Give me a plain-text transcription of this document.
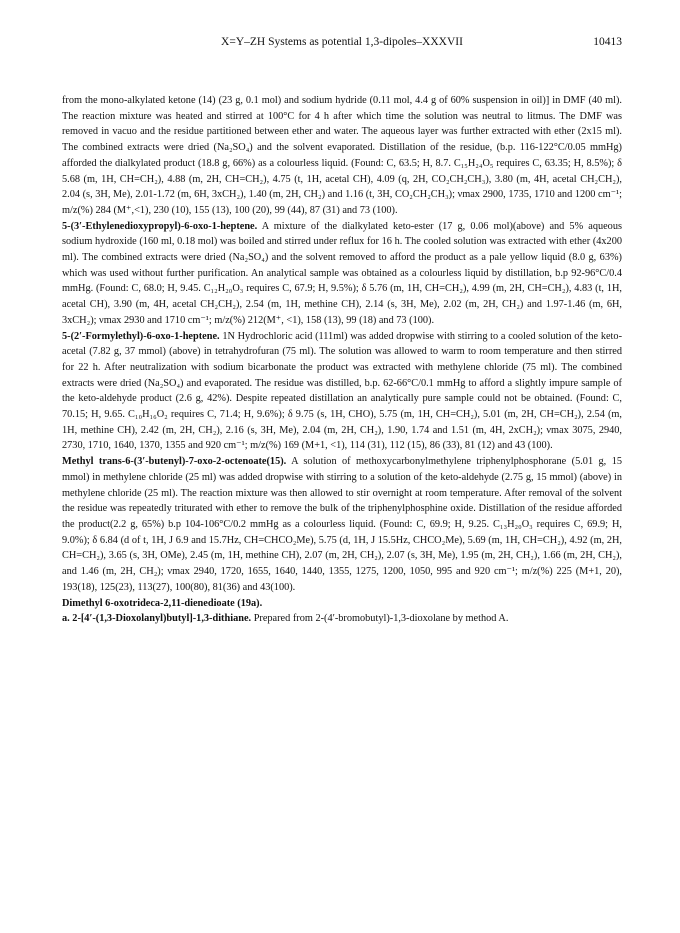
X=Y–ZH Systems as potential 1,3-dipoles–XXXVII	10413

from the mono-alkylated ketone (14) (23 g, 0.1 mol) and sodium hydride (0.11 mol, 4.4 g of 60% suspension in oil)] in DMF (40 ml). The reaction mixture was heated and stirred at 100°C for 4 h after which time the solution was neutral to litmus. The DMF was removed in vacuo and the residue partitioned between ether and water. The aqueous layer was further extracted with ether (2x15 ml). The combined extracts were dried (Na₂SO₄) and the solvent evaporated. Distillation of the residue, (b.p. 116-122°C/0.05 mmHg) afforded the dialkylated product (18.8 g, 66%) as a colourless liquid. (Found: C, 63.5; H, 8.7. C₁₅H₂₄O₅ requires C, 63.35; H, 8.5%); δ 5.68 (m, 1H, CH=CH₂), 4.88 (m, 2H, CH=CH₂), 4.75 (t, 1H, acetal CH), 4.09 (q, 2H, CO₂CH₂CH₃), 3.80 (m, 4H, acetal CH₂CH₂), 2.04 (s, 3H, Me), 2.01-1.72 (m, 6H, 3xCH₂), 1.40 (m, 2H, CH₂) and 1.16 (t, 3H, CO₂CH₂CH₃); νmax 2900, 1735, 1710 and 1200 cm⁻¹; m/z(%) 284 (M⁺,<1), 230 (10), 155 (13), 100 (20), 99 (44), 87 (31) and 73 (100).

5-(3′-Ethylenedioxypropyl)-6-oxo-1-heptene. A mixture of the dialkylated keto-ester (17 g, 0.06 mol)(above) and 5% aqueous sodium hydroxide (160 ml, 0.18 mol) was boiled and stirred under reflux for 16 h. The cooled solution was extracted with ether (4x200 ml). The combined extracts were dried (Na₂SO₄) and the solvent removed to afford the product as a pale yellow liquid (8.0 g, 63%) which was used without further purification. An analytical sample was obtained as a colourless liquid by distillation, b.p 92-96°C/0.4 mmHg. (Found: C, 68.0; H, 9.45. C₁₂H₂₀O₃ requires C, 67.9; H, 9.5%); δ 5.76 (m, 1H, CH=CH₂), 4.99 (m, 2H, CH=CH₂), 4.83 (t, 1H, acetal CH), 3.90 (m, 4H, acetal CH₂CH₂), 2.54 (m, 1H, methine CH), 2.14 (s, 3H, Me), 2.02 (m, 2H, CH₂) and 1.97-1.46 (m, 6H, 3xCH₂); νmax 2930 and 1710 cm⁻¹; m/z(%) 212(M⁺, <1), 158 (13), 99 (18) and 73 (100).

5-(2′-Formylethyl)-6-oxo-1-heptene. 1N Hydrochloric acid (111ml) was added dropwise with stirring to a cooled solution of the keto-acetal (7.82 g, 37 mmol) (above) in tetrahydrofuran (75 ml). The solution was allowed to warm to room temperature and then stirred for 22 h. After neutralization with sodium bicarbonate the product was extracted with methylene chloride (75 ml). The combined extracts were dried (Na₂SO₄) and evaporated. The residue was distilled, b.p. 62-66°C/0.1 mmHg to afford a slightly impure sample of the keto-aldehyde product (2.6 g, 42%). Despite repeated distillation an analytically pure sample could not be obtained. (Found: C, 70.15; H, 9.65. C₁₀H₁₆O₂ requires C, 71.4; H, 9.6%); δ 9.75 (s, 1H, CHO), 5.75 (m, 1H, CH=CH₂), 5.01 (m, 2H, CH=CH₂), 2.54 (m, 1H, methine CH), 2.42 (m, 2H, CH₂), 2.16 (s, 3H, Me), 2.04 (m, 2H, CH₂), 1.90, 1.74 and 1.51 (m, 4H, 2xCH₂); νmax 3075, 2940, 2730, 1710, 1640, 1370, 1355 and 920 cm⁻¹; m/z(%) 169 (M+1, <1), 114 (31), 112 (15), 86 (33), 81 (12) and 43 (100).

Methyl trans-6-(3′-butenyl)-7-oxo-2-octenoate(15). A solution of methoxycarbonylmethylene triphenylphosphorane (5.01 g, 15 mmol) in methylene chloride (25 ml) was added dropwise with stirring to a solution of the keto-aldehyde (2.75 g, 15 mmol) (above) in methylene chloride (25 ml). The reaction mixture was then allowed to stir overnight at room temperature. After removal of the solvent the residue was repeatedly triturated with ether to remove the bulk of the triphenylphosphine oxide. Distillation of the residue afforded the product(2.2 g, 65%) b.p 104-106°C/0.2 mmHg as a colourless liquid. (Found: C, 69.9; H, 9.25. C₁₃H₂₀O₃ requires C, 69.9; H, 9.0%); δ 6.84 (d of t, 1H, J 6.9 and 15.7Hz, CH=CHCO₂Me), 5.75 (d, 1H, J 15.5Hz, CHCO₂Me), 5.69 (m, 1H, CH=CH₂), 4.92 (m, 2H, CH=CH₂), 3.65 (s, 3H, OMe), 2.45 (m, 1H, methine CH), 2.07 (m, 2H, CH₂), 2.07 (s, 3H, Me), 1.95 (m, 2H, CH₂), 1.66 (m, 2H, CH₂), and 1.46 (m, 2H, CH₂); νmax 2940, 1720, 1655, 1640, 1440, 1355, 1275, 1200, 1050, 995 and 920 cm⁻¹; m/z(%) 225 (M+1, 20), 193(18), 125(23), 113(27), 100(80), 81(36) and 43(100).

Dimethyl 6-oxotrideca-2,11-dienedioate (19a).

a. 2-[4′-(1,3-Dioxolanyl)butyl]-1,3-dithiane. Prepared from 2-(4′-bromobutyl)-1,3-dioxolane by method A.
